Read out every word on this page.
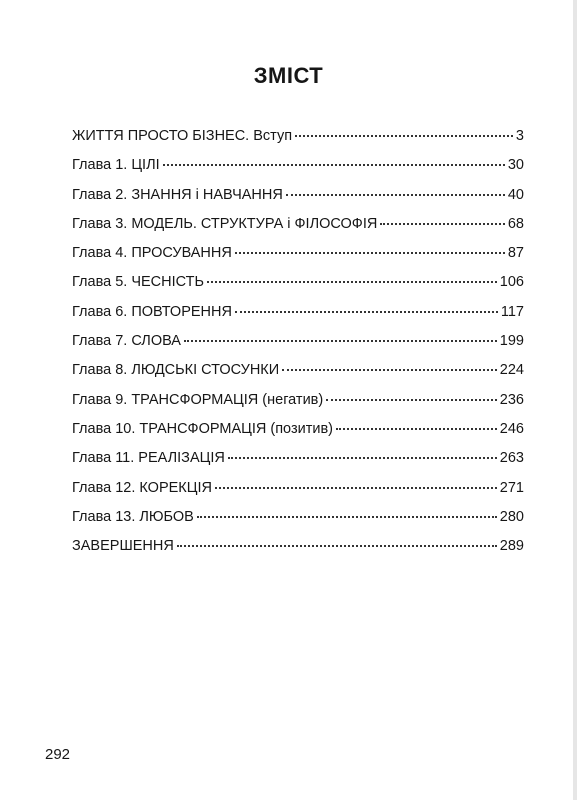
ЗМІСТ
ЖИТТЯ ПРОСТО БІЗНЕС. Вступ	3
Глава 1. ЦІЛІ	30
Глава 2. ЗНАННЯ і НАВЧАННЯ	40
Глава 3. МОДЕЛЬ. СТРУКТУРА і ФІЛОСОФІЯ	68
Глава 4. ПРОСУВАННЯ	87
Глава 5. ЧЕСНІСТЬ	106
Глава 6. ПОВТОРЕННЯ	117
Глава 7. СЛОВА	199
Глава 8. ЛЮДСЬКІ СТОСУНКИ	224
Глава 9. ТРАНСФОРМАЦІЯ (негатив)	236
Глава 10. ТРАНСФОРМАЦІЯ (позитив)	246
Глава 11. РЕАЛІЗАЦІЯ	263
Глава 12. КОРЕКЦІЯ	271
Глава 13. ЛЮБОВ	280
ЗАВЕРШЕННЯ	289
292
